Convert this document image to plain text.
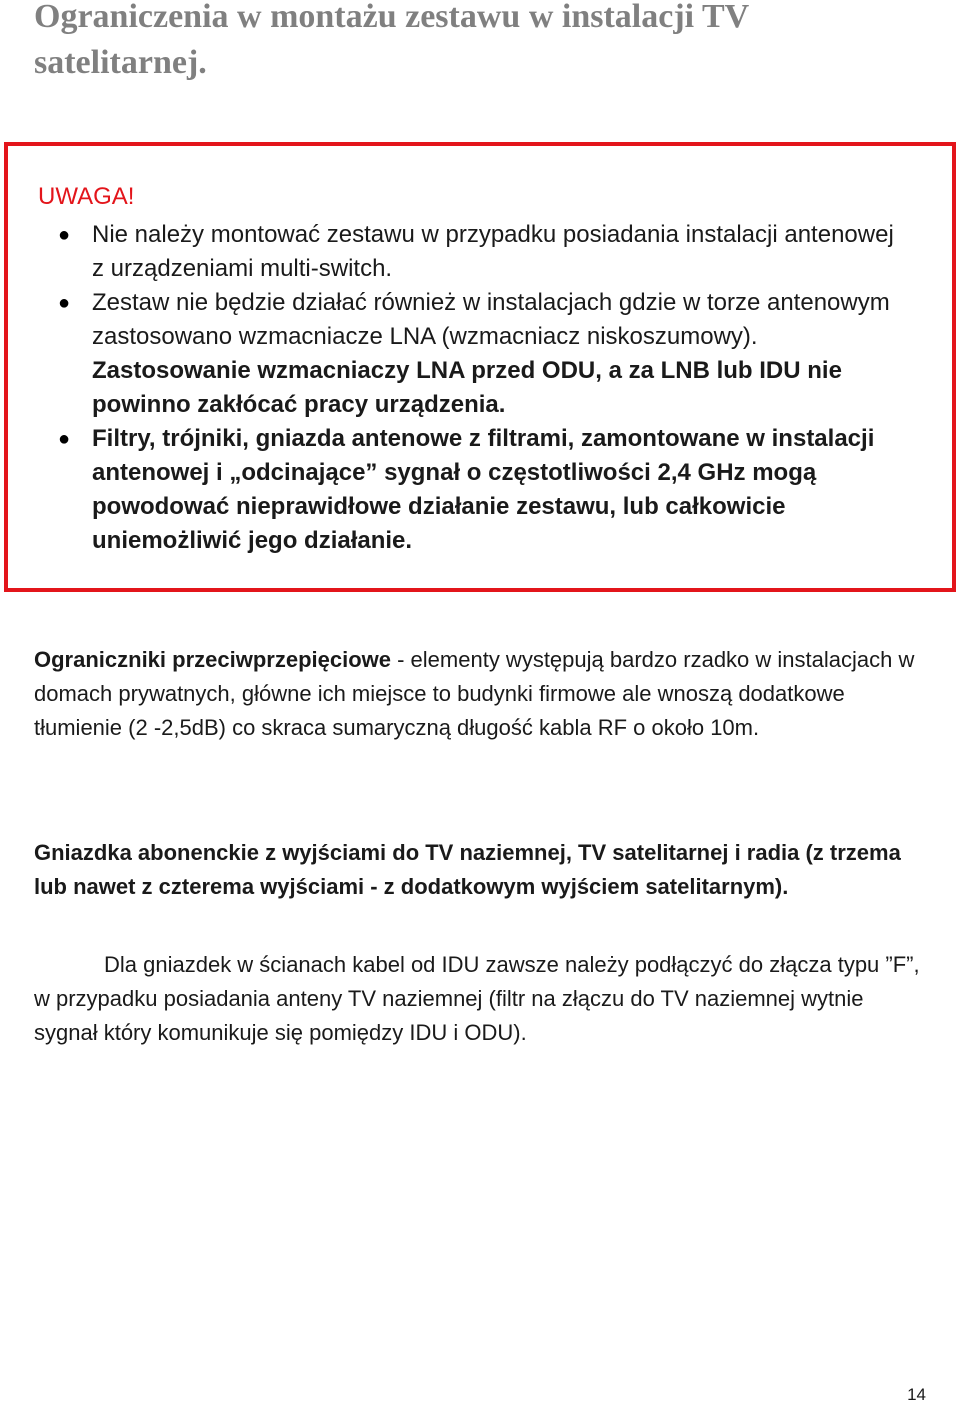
Ograniczenia w montażu zestawu w instalacji TV satelitarnej.

UWAGA!

● Nie należy montować zestawu w przypadku posiadania instalacji antenowej z urządzeniami multi-switch.
● Zestaw nie będzie działać również w instalacjach gdzie w torze antenowym zastosowano wzmacniacze LNA (wzmacniacz niskoszumowy). Zastosowanie wzmacniaczy LNA przed ODU, a za LNB lub IDU nie powinno zakłócać pracy urządzenia.
● Filtry, trójniki, gniazda antenowe z filtrami, zamontowane w instalacji antenowej i „odcinające” sygnał o częstotliwości 2,4 GHz mogą powodować nieprawidłowe działanie zestawu, lub całkowicie uniemożliwić jego działanie.

Ograniczniki przeciwprzepięciowe - elementy występują bardzo rzadko w instalacjach w domach prywatnych, główne ich miejsce to budynki firmowe ale wnoszą dodatkowe tłumienie (2 -2,5dB) co skraca sumaryczną długość kabla RF o około 10m.

Gniazdka abonenckie z wyjściami do TV naziemnej, TV satelitarnej i radia (z trzema lub nawet z czterema wyjściami - z dodatkowym wyjściem satelitarnym).

Dla gniazdek w ścianach kabel od IDU zawsze należy podłączyć do złącza typu ”F”, w przypadku posiadania anteny TV naziemnej (filtr na złączu do TV naziemnej wytnie sygnał który komunikuje się pomiędzy IDU i ODU).

14
